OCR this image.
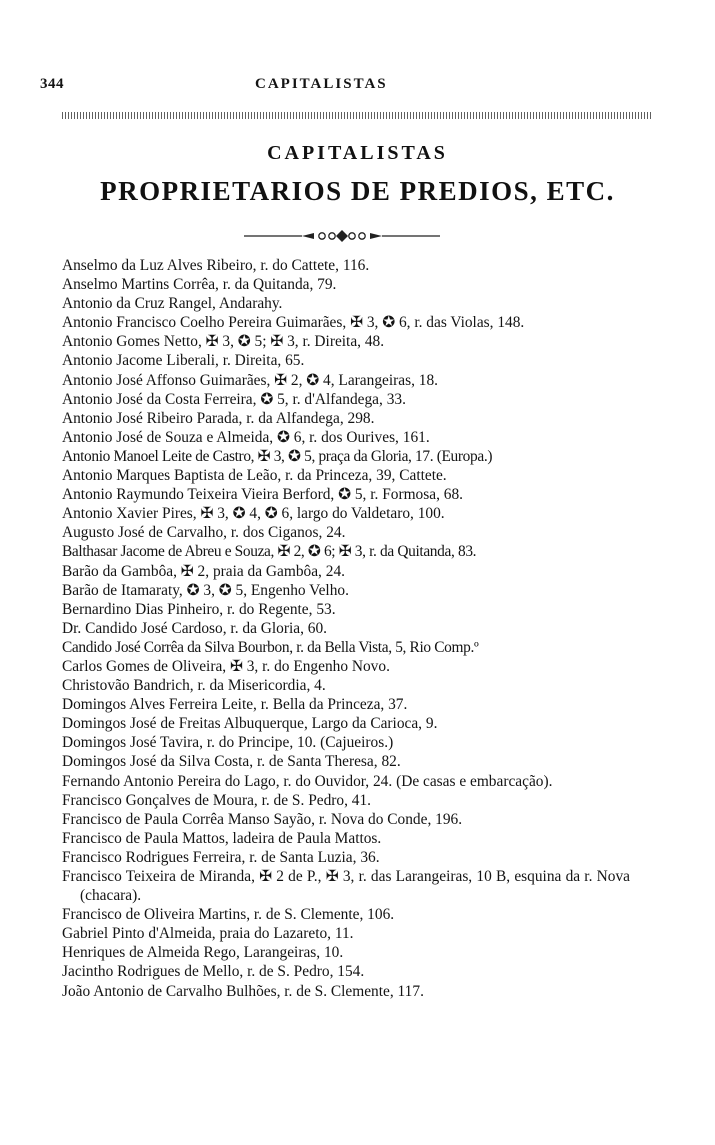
344	CAPITALISTAS
CAPITALISTAS
PROPRIETARIOS DE PREDIOS, ETC.

Anselmo da Luz Alves Ribeiro, r. do Cattete, 116.

Anselmo Martins Corrêa, r. da Quitanda, 79.

Antonio da Cruz Rangel, Andarahy.

Antonio Francisco Coelho Pereira Guimarães, ✠ 3, ✪ 6, r. das Violas, 148.

Antonio Gomes Netto, ✠ 3, ✪ 5; ✠ 3, r. Direita, 48.

Antonio Jacome Liberali, r. Direita, 65.

Antonio José Affonso Guimarães, ✠ 2, ✪ 4, Larangeiras, 18.

Antonio José da Costa Ferreira, ✪ 5, r. d'Alfandega, 33.

Antonio José Ribeiro Parada, r. da Alfandega, 298.

Antonio José de Souza e Almeida, ✪ 6, r. dos Ourives, 161.

Antonio Manoel Leite de Castro, ✠ 3, ✪ 5, praça da Gloria, 17. (Europa.)

Antonio Marques Baptista de Leão, r. da Princeza, 39, Cattete.

Antonio Raymundo Teixeira Vieira Berford, ✪ 5, r. Formosa, 68.

Antonio Xavier Pires, ✠ 3, ✪ 4, ✪ 6, largo do Valdetaro, 100.

Augusto José de Carvalho, r. dos Ciganos, 24.

Balthasar Jacome de Abreu e Souza, ✠ 2, ✪ 6; ✠ 3, r. da Quitanda, 83.

Barão da Gambôa, ✠ 2, praia da Gambôa, 24.

Barão de Itamaraty, ✪ 3, ✪ 5, Engenho Velho.

Bernardino Dias Pinheiro, r. do Regente, 53.

Dr. Candido José Cardoso, r. da Gloria, 60.

Candido José Corrêa da Silva Bourbon, r. da Bella Vista, 5, Rio Comp.º

Carlos Gomes de Oliveira, ✠ 3, r. do Engenho Novo.

Christovão Bandrich, r. da Misericordia, 4.

Domingos Alves Ferreira Leite, r. Bella da Princeza, 37.

Domingos José de Freitas Albuquerque, Largo da Carioca, 9.

Domingos José Tavira, r. do Principe, 10. (Cajueiros.)

Domingos José da Silva Costa, r. de Santa Theresa, 82.

Fernando Antonio Pereira do Lago, r. do Ouvidor, 24. (De casas e embarcação).

Francisco Gonçalves de Moura, r. de S. Pedro, 41.

Francisco de Paula Corrêa Manso Sayão, r. Nova do Conde, 196.

Francisco de Paula Mattos, ladeira de Paula Mattos.

Francisco Rodrigues Ferreira, r. de Santa Luzia, 36.

Francisco Teixeira de Miranda, ✠ 2 de P., ✠ 3, r. das Larangeiras, 10 B, esquina da r. Nova (chacara).

Francisco de Oliveira Martins, r. de S. Clemente, 106.

Gabriel Pinto d'Almeida, praia do Lazareto, 11.

Henriques de Almeida Rego, Larangeiras, 10.

Jacintho Rodrigues de Mello, r. de S. Pedro, 154.

João Antonio de Carvalho Bulhões, r. de S. Clemente, 117.
